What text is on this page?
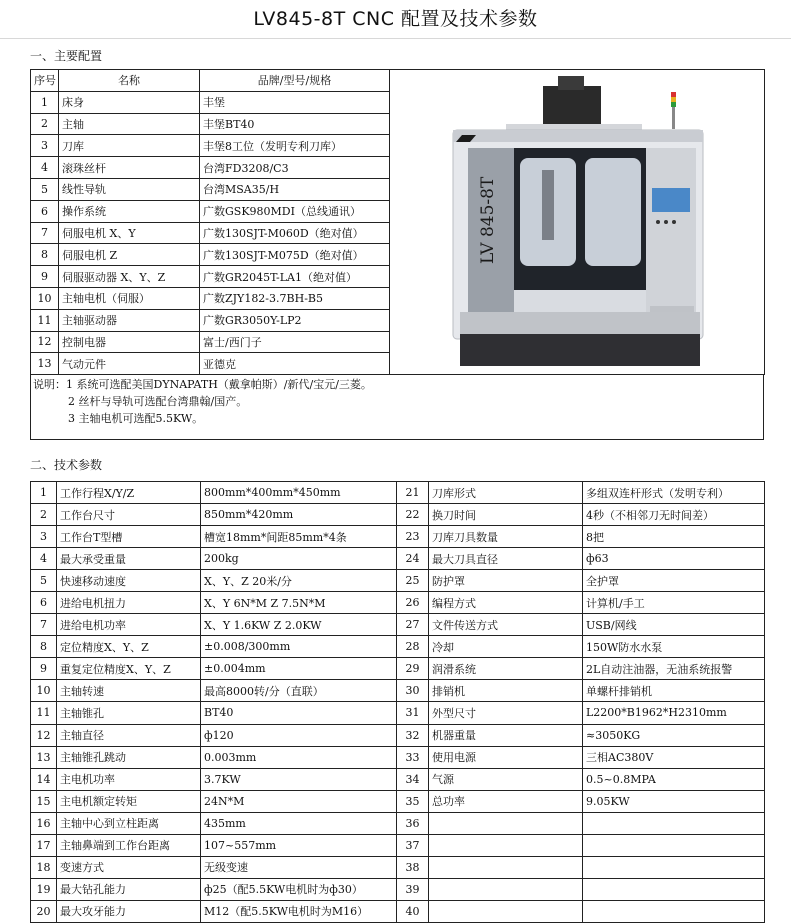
LV845-8T CNC 配置及技术参数
一、主要配置
序号	名称	品牌/型号/规格	LV 845-8T

1	床身	丰堡	
2	主轴	丰堡BT40	
3	刀库	丰堡8工位（发明专利刀库）	
4	滚珠丝杆	台湾FD3208/C3	
5	线性导轨	台湾MSA35/H	
6	操作系统	广数GSK980MDI（总线通讯）	
7	伺服电机 X、Y	广数130SJT-M060D（绝对值）	
8	伺服电机 Z	广数130SJT-M075D（绝对值）	
9	伺服驱动器 X、Y、Z	广数GR2045T-LA1（绝对值）	
10	主轴电机（伺服）	广数ZJY182-3.7BH-B5	
11	主轴驱动器	广数GR3050Y-LP2	
12	控制电器	富士/西门子	
13	气动元件	亚德克	
说明：1 系统可选配美国DYNAPATH（戴拿帕斯）/新代/宝元/三菱。
2 丝杆与导轨可选配台湾鼎翰/国产。
3 主轴电机可选配5.5KW。
二、技术参数
1	工作行程X/Y/Z	800mm*400mm*450mm	21	刀库形式	多组双连杆形式（发明专利）
2	工作台尺寸	850mm*420mm	22	换刀时间	4秒（不相邻刀无时间差）
3	工作台T型槽	槽宽18mm*间距85mm*4条	23	刀库刀具数量	8把
4	最大承受重量	200kg	24	最大刀具直径	ф63
5	快速移动速度	X、Y、Z 20米/分	25	防护罩	全护罩
6	进给电机扭力	X、Y 6N*M Z 7.5N*M	26	编程方式	计算机/手工
7	进给电机功率	X、Y 1.6KW Z 2.0KW	27	文件传送方式	USB/网线
8	定位精度X、Y、Z	±0.008/300mm	28	冷却	150W防水水泵
9	重复定位精度X、Y、Z	±0.004mm	29	润滑系统	2L自动注油器，无油系统报警
10	主轴转速	最高8000转/分（直联）	30	排销机	单螺杆排销机
11	主轴锥孔	BT40	31	外型尺寸	L2200*B1962*H2310mm
12	主轴直径	ф120	32	机器重量	≈3050KG
13	主轴锥孔跳动	0.003mm	33	使用电源	三相AC380V
14	主电机功率	3.7KW	34	气源	0.5~0.8MPA
15	主电机额定转矩	24N*M	35	总功率	9.05KW
16	主轴中心到立柱距离	435mm	36		
17	主轴鼻端到工作台距离	107~557mm	37		
18	变速方式	无级变速	38		
19	最大钻孔能力	ф25（配5.5KW电机时为ф30）	39		
20	最大攻牙能力	M12（配5.5KW电机时为M16）	40		
